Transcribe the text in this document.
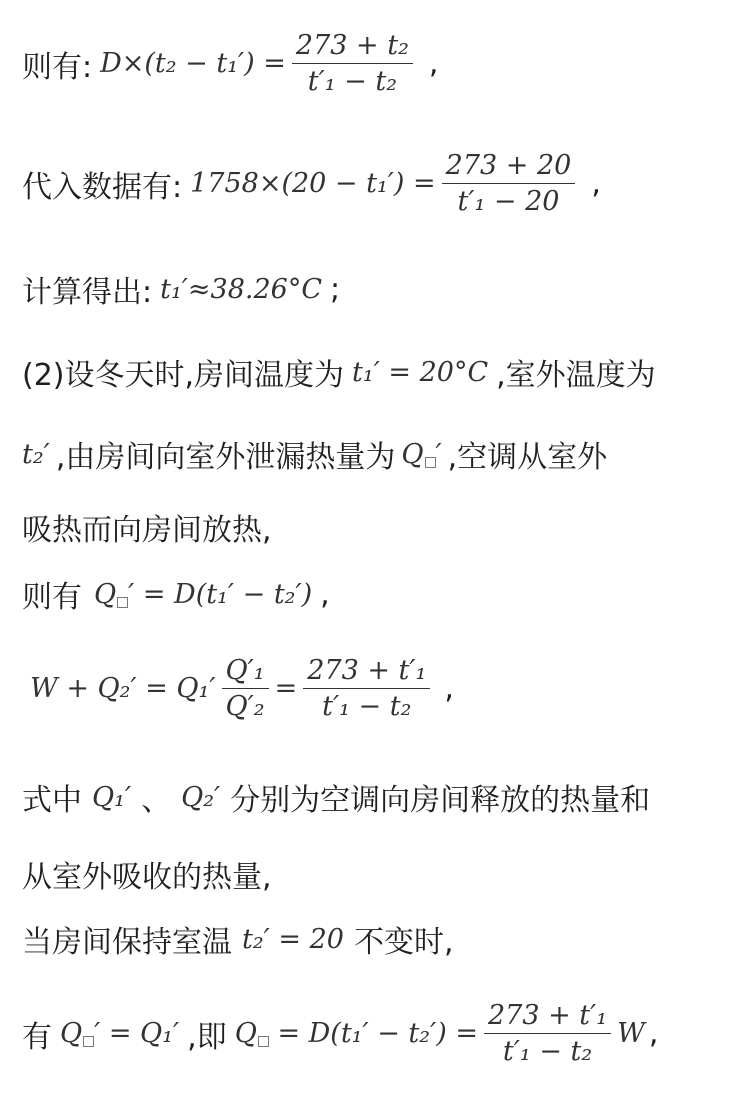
则有: $D\times(t_2 - t_1') = \frac{\text{273 + t₂}}{\text{t′₁ − t₂}}$ ,
代入数据有: $1758\times(20 - t_1') = \frac{273 + 20}{\text{t′₁ − 20}}$ ,
计算得出: t₁′≈38.26°C ;
(2)设冬天时,房间温度为 t₁′ = 20°C ,室外温度为
t₂′ ,由房间向室外泄漏热量为 Q ′ ,空调从室外
吸热而向房间放热,
则有 Q ′ = D(t₁′ − t₂′) ,
$W + Q_2' = Q_1' \frac{\text{Q′₁}}{\text{Q′₂}} = \frac{\text{273 + t′₁}}{\text{t′₁ − t₂}}$ ,
式中 Q₁′ 、 Q₂′ 分别为空调向房间释放的热量和
从室外吸收的热量,
当房间保持室温 t₂′ = 20 不变时,
有 Q ′ = Q₁′ ,即 $Q = D(t_1' - t_2') = \frac{\text{273 + t′₁}}{\text{t′₁ − t₂}}$ W ,
